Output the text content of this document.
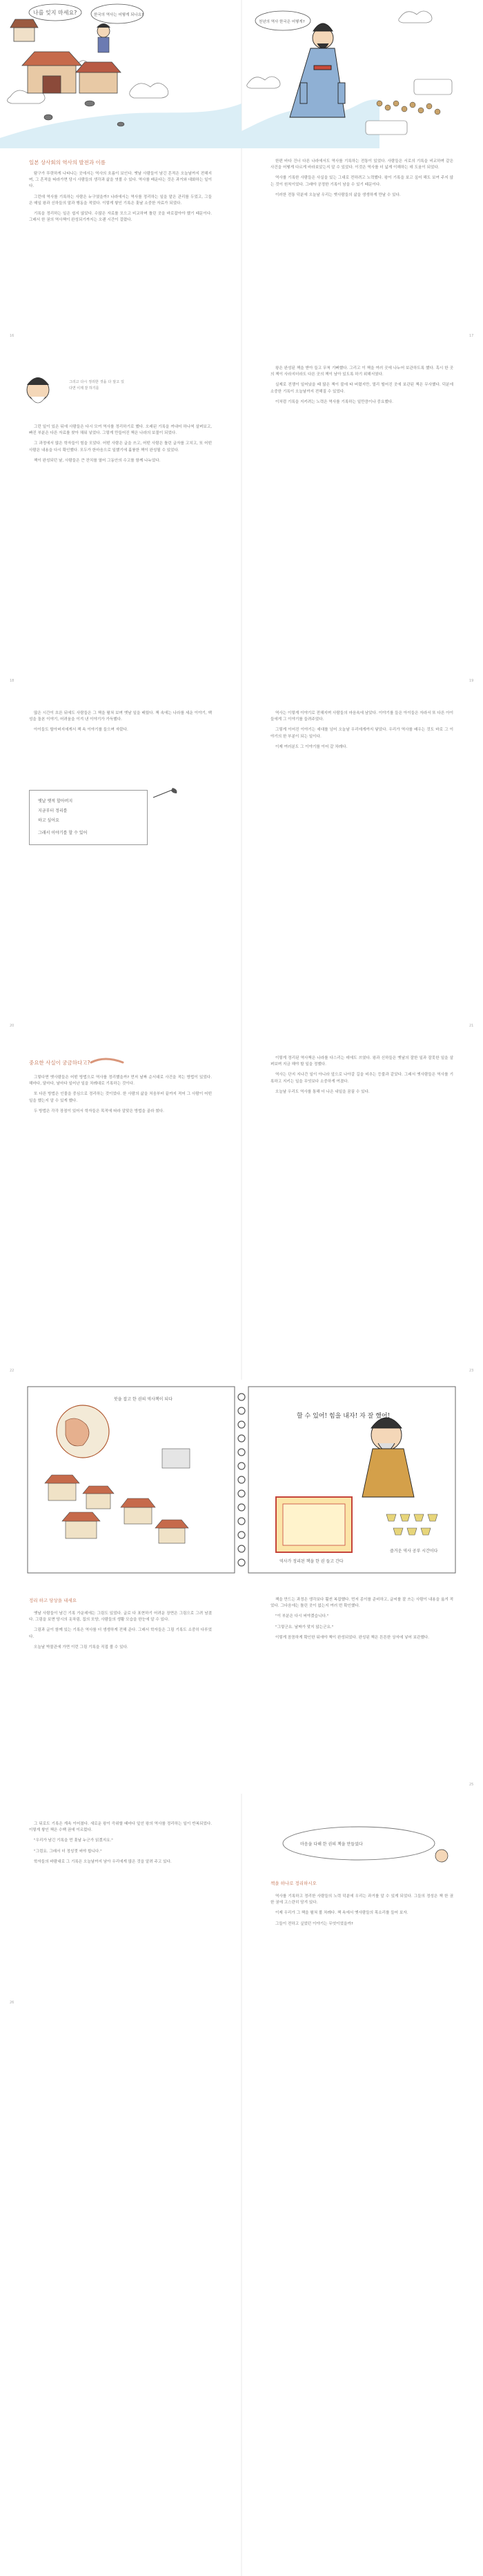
나를 잊지 마세요?	한국의 역사는 어떻게 되나요?
천년의 역사 한국은 어떻게?
일본 상사회의 역사의 발전과 이름

탐구가 뚜렷하게 나타나는 곳에서는 역사의 흐름이 보인다. 옛날 사람들이 남긴 흔적은 오늘날까지 전해지며, 그 흔적을 따라가면 당시 사람들의 생각과 삶을 엿볼 수 있다. 역사를 배운다는 것은 과거와 대화하는 일이다.

그런데 역사를 기록하는 사람은 누구였을까? 나라에서는 역사를 정리하는 일을 맡은 관리를 두었고, 그들은 매일 왕과 신하들의 말과 행동을 적었다. 이렇게 쌓인 기록은 훗날 소중한 자료가 되었다.

기록을 정리하는 일은 쉽지 않았다. 수많은 자료를 모으고 비교하며 틀린 곳을 바로잡아야 했기 때문이다. 그래서 한 권의 역사책이 완성되기까지는 오랜 시간이 걸렸다.

16

한편 바다 건너 다른 나라에서도 역사를 기록하는 전통이 있었다. 사람들은 서로의 기록을 비교하며 같은 사건을 어떻게 다르게 바라보았는지 알 수 있었다. 이것은 역사를 더 넓게 이해하는 데 도움이 되었다.

역사를 기록한 사람들은 사실을 있는 그대로 전하려고 노력했다. 왕이 기록을 보고 싶어 해도 보여 주지 않는 것이 원칙이었다. 그래야 공정한 기록이 남을 수 있기 때문이다.

이러한 전통 덕분에 오늘날 우리는 옛사람들의 삶을 생생하게 만날 수 있다.

17
그리고 다시 정리한 것을 다 알고 있다면 이제 잘 하기를

그런 일이 있은 뒤에 사람들은 다시 모여 역사를 정리하기로 했다. 오래된 기록을 꺼내어 하나씩 살펴보고, 빠진 부분은 다른 자료를 찾아 채워 넣었다. 그렇게 만들어진 책은 나라의 보물이 되었다.

그 과정에서 많은 학자들이 힘을 모았다. 어떤 사람은 글을 쓰고, 어떤 사람은 틀린 글자를 고치고, 또 어떤 사람은 내용을 다시 확인했다. 모두가 한마음으로 일했기에 훌륭한 책이 완성될 수 있었다.

책이 완성되던 날, 사람들은 큰 잔치를 열어 그동안의 수고를 함께 나누었다.

18

왕은 완성된 책을 받아 들고 무척 기뻐했다. 그리고 이 책을 여러 곳에 나누어 보관하도록 했다. 혹시 한 곳의 책이 사라지더라도 다른 곳의 책이 남아 있도록 하기 위해서였다.

실제로 전쟁이 일어났을 때 많은 책이 불에 타 버렸지만, 멀리 떨어진 곳에 보관된 책은 무사했다. 덕분에 소중한 기록이 오늘날까지 전해질 수 있었다.

이처럼 기록을 지키려는 노력은 역사를 기록하는 일만큼이나 중요했다.

19

많은 시간이 흐른 뒤에도 사람들은 그 책을 펼쳐 보며 옛날 일을 배웠다. 책 속에는 나라를 세운 이야기, 백성을 돌본 이야기, 어려움을 이겨 낸 이야기가 가득했다.

아이들도 할아버지에게서 책 속 이야기를 들으며 자랐다.

옛날 옛적 할아버지
지금부터 정리를
하고 싶어요
그래서 이야기를 할 수 있어
20

역사는 이렇게 이야기로 전해지며 사람들의 마음속에 남았다. 이야기를 들은 아이들은 자라서 또 다른 아이들에게 그 이야기를 들려주었다.

그렇게 이어진 이야기는 세대를 넘어 오늘날 우리에게까지 닿았다. 우리가 역사를 배우는 것도 바로 그 이야기의 한 부분이 되는 일이다.

이제 여러분도 그 이야기를 이어 갈 차례다.

21
중요한 사실이 궁금하다고?

그렇다면 옛사람들은 어떤 방법으로 역사를 정리했을까? 먼저 날짜 순서대로 사건을 적는 방법이 있었다. 해마다, 달마다, 날마다 일어난 일을 차례대로 기록하는 것이다.

또 다른 방법은 인물을 중심으로 정리하는 것이었다. 한 사람의 삶을 처음부터 끝까지 적어 그 사람이 어떤 일을 했는지 알 수 있게 했다.

두 방법은 각각 장점이 있어서 학자들은 목적에 따라 알맞은 방법을 골라 썼다.

22

이렇게 정리된 역사책은 나라를 다스리는 데에도 쓰였다. 왕과 신하들은 옛날의 잘한 일과 잘못한 일을 살펴보며 지금 해야 할 일을 정했다.

역사는 단지 지나간 일이 아니라 앞으로 나아갈 길을 비추는 등불과 같았다. 그래서 옛사람들은 역사를 기록하고 지키는 일을 무엇보다 소중하게 여겼다.

오늘날 우리도 역사를 통해 더 나은 내일을 꿈꿀 수 있다.

23
붓을 잡고 한 권의 역사책이 되다
할 수 있어! 힘을 내자! 자 잘 했어!
역사가 정리된 책을 한 권 들고 간다
즐거운 역사 공부 시간이다
정리 하고 당상을 내세요

옛날 사람들이 남긴 기록 가운데에는 그림도 있었다. 글로 다 표현하기 어려운 장면은 그림으로 그려 남겼다. 그림을 보면 당시의 옷차림, 집의 모양, 사람들의 생활 모습을 한눈에 알 수 있다.

그림과 글이 함께 있는 기록은 역사를 더 생생하게 전해 준다. 그래서 학자들은 그림 기록도 소중히 다루었다.

오늘날 박물관에 가면 이런 그림 기록을 직접 볼 수 있다.

책을 만드는 과정은 생각보다 훨씬 복잡했다. 먼저 종이를 준비하고, 글씨를 잘 쓰는 사람이 내용을 옮겨 적었다. 그다음에는 틀린 곳이 없는지 여러 번 확인했다.

"이 부분은 다시 써야겠습니다."

"그렇군요. 날짜가 맞지 않는군요."

이렇게 꼼꼼하게 확인한 뒤에야 책이 완성되었다. 완성된 책은 튼튼한 상자에 넣어 보관했다.

25

그 뒤로도 기록은 계속 이어졌다. 새로운 왕이 즉위할 때마다 앞선 왕의 역사를 정리하는 일이 반복되었다. 이렇게 쌓인 책은 수백 권에 이르렀다.

"우리가 남긴 기록을 먼 훗날 누군가 읽겠지요."

"그럼요. 그래서 더 정성껏 써야 합니다."

학자들의 바람대로 그 기록은 오늘날까지 남아 우리에게 많은 것을 알려 주고 있다.

26
마음을 다해 한 권의 책을 만들었다
책을 하나로 정리하시오

역사를 기록하고 정리한 사람들의 노력 덕분에 우리는 과거를 알 수 있게 되었다. 그들의 정성은 책 한 권 한 권에 고스란히 담겨 있다.

이제 우리가 그 책을 펼쳐 볼 차례다. 책 속에서 옛사람들의 목소리를 들어 보자.

그들이 전하고 싶었던 이야기는 무엇이었을까?
